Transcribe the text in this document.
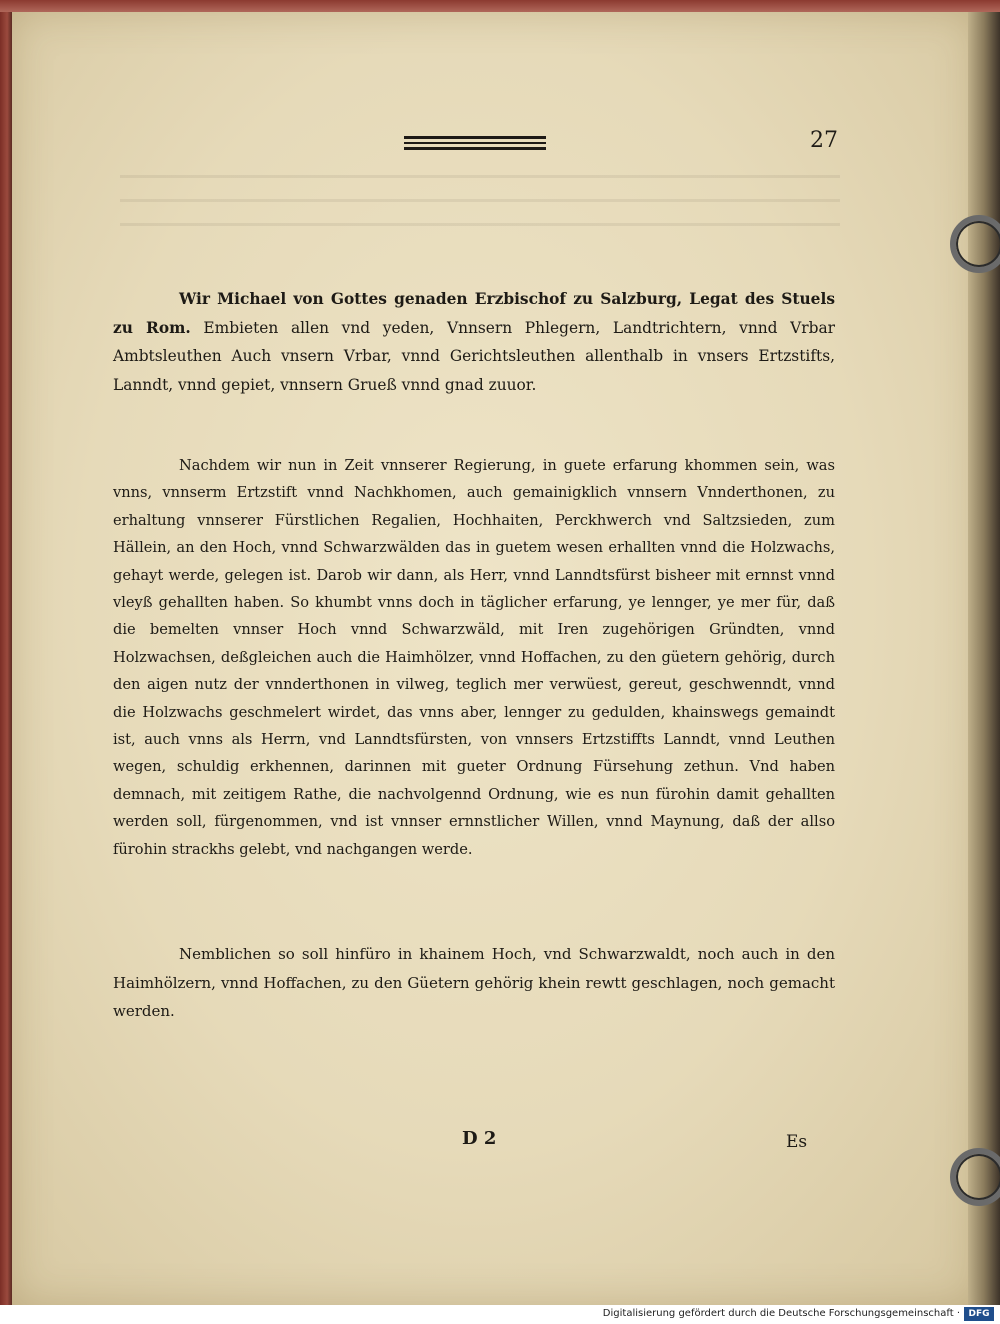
27
Wir Michael von Gottes genaden Erzbischof zu Salzburg, Legat des Stuels zu Rom. Embieten allen vnd yeden, Vnnsern Phlegern, Landtrichtern, vnnd Vrbar Ambtsleuthen Auch vnsern Vrbar, vnnd Gerichtsleuthen allenthalb in vnsers Ertzstifts, Lanndt, vnnd gepiet, vnnsern Grueß vnnd gnad zuuor.
Nachdem wir nun in Zeit vnnserer Regierung, in guete erfarung khommen sein, was vnns, vnnserm Ertzstift vnnd Nachkhomen, auch gemainigklich vnnsern Vnnderthonen, zu erhaltung vnnserer Fürstlichen Regalien, Hochhaiten, Perckhwerch vnd Saltzsieden, zum Hällein, an den Hoch, vnnd Schwarzwälden das in guetem wesen erhallten vnnd die Holzwachs, gehayt werde, gelegen ist. Darob wir dann, als Herr, vnnd Lanndtsfürst bisheer mit ernnst vnnd vleyß gehallten haben. So khumbt vnns doch in täglicher erfarung, ye lennger, ye mer für, daß die bemelten vnnser Hoch vnnd Schwarzwäld, mit Iren zugehörigen Gründten, vnnd Holzwachsen, deßgleichen auch die Haimhölzer, vnnd Hoffachen, zu den güetern gehörig, durch den aigen nutz der vnnderthonen in vilweg, teglich mer verwüest, gereut, geschwenndt, vnnd die Holzwachs geschmelert wirdet, das vnns aber, lennger zu gedulden, khainswegs gemaindt ist, auch vnns als Herrn, vnd Lanndtsfürsten, von vnnsers Ertzstiffts Lanndt, vnnd Leuthen wegen, schuldig erkhennen, darinnen mit gueter Ordnung Fürsehung zethun. Vnd haben demnach, mit zeitigem Rathe, die nachvolgennd Ordnung, wie es nun fürohin damit gehallten werden soll, fürgenommen, vnd ist vnnser ernnstlicher Willen, vnnd Maynung, daß der allso fürohin strackhs gelebt, vnd nachgangen werde.
Nemblichen so soll hinfüro in khainem Hoch, vnd Schwarzwaldt, noch auch in den Haimhölzern, vnnd Hoffachen, zu den Güetern gehörig khein rewtt geschlagen, noch gemacht werden.
D 2	Es
Digitalisierung gefördert durch die Deutsche Forschungsgemeinschaft · DFG
